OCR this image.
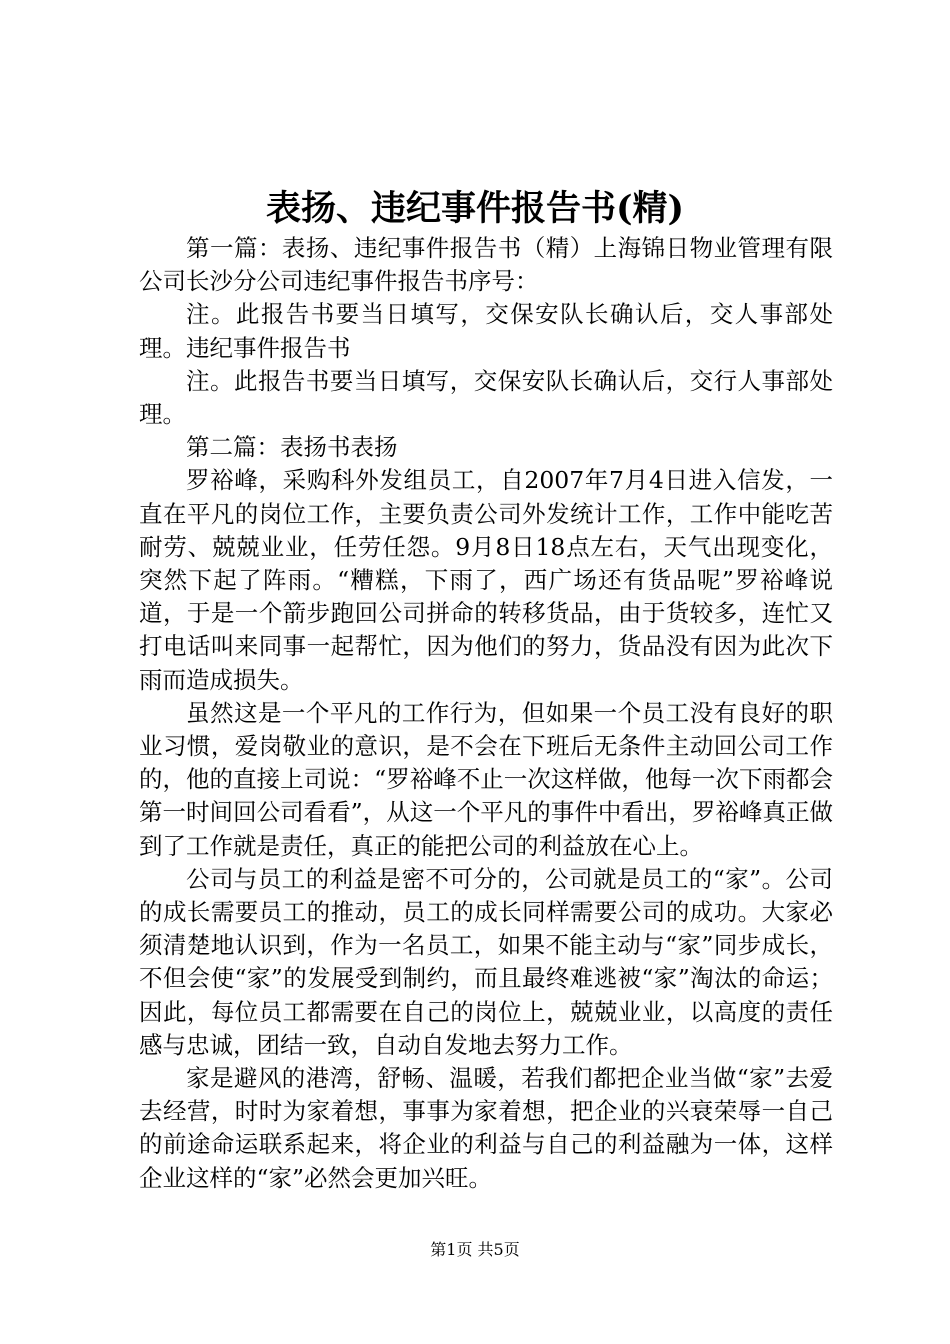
表扬、违纪事件报告书(精)

第一篇：表扬、违纪事件报告书（精）上海锦日物业管理有限公司长沙分公司违纪事件报告书序号：

注。此报告书要当日填写，交保安队长确认后，交人事部处理。违纪事件报告书

注。此报告书要当日填写，交保安队长确认后，交行人事部处理。

第二篇：表扬书表扬

罗裕峰，采购科外发组员工，自2007年7月4日进入信发，一直在平凡的岗位工作，主要负责公司外发统计工作，工作中能吃苦耐劳、兢兢业业，任劳任怨。9月8日18点左右，天气出现变化，突然下起了阵雨。“糟糕，下雨了，西广场还有货品呢”罗裕峰说道，于是一个箭步跑回公司拼命的转移货品，由于货较多，连忙又打电话叫来同事一起帮忙，因为他们的努力，货品没有因为此次下雨而造成损失。

虽然这是一个平凡的工作行为，但如果一个员工没有良好的职业习惯，爱岗敬业的意识，是不会在下班后无条件主动回公司工作的，他的直接上司说：“罗裕峰不止一次这样做，他每一次下雨都会第一时间回公司看看”，从这一个平凡的事件中看出，罗裕峰真正做到了工作就是责任，真正的能把公司的利益放在心上。

公司与员工的利益是密不可分的，公司就是员工的“家”。公司的成长需要员工的推动，员工的成长同样需要公司的成功。大家必须清楚地认识到，作为一名员工，如果不能主动与“家”同步成长，不但会使“家”的发展受到制约，而且最终难逃被“家”淘汰的命运；因此，每位员工都需要在自己的岗位上，兢兢业业，以高度的责任感与忠诚，团结一致，自动自发地去努力工作。

家是避风的港湾，舒畅、温暖，若我们都把企业当做“家”去爱去经营，时时为家着想，事事为家着想，把企业的兴衰荣辱一自己的前途命运联系起来，将企业的利益与自己的利益融为一体，这样企业这样的“家”必然会更加兴旺。

第1页 共5页
